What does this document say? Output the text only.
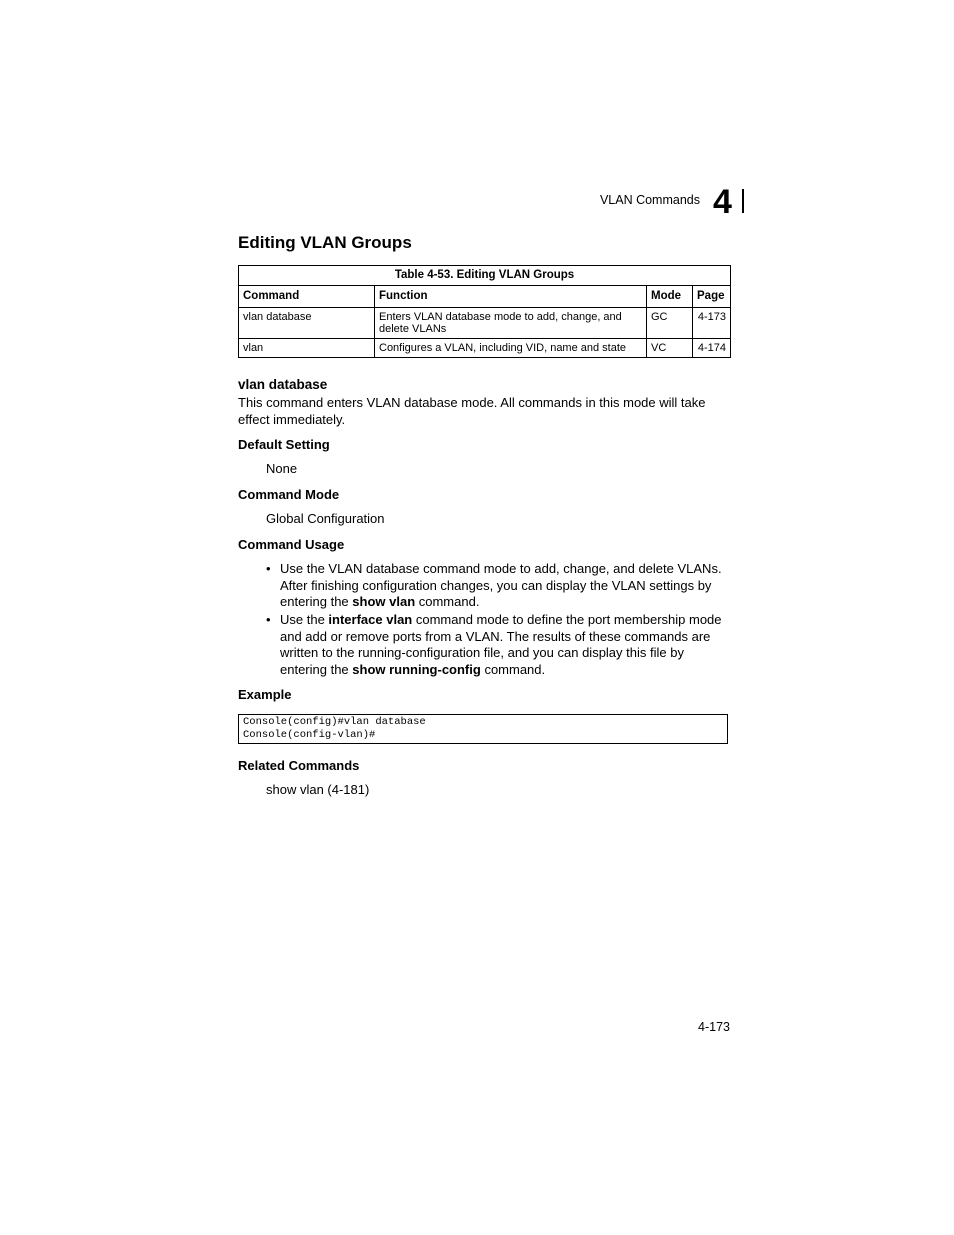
VLAN Commands 4
Editing VLAN Groups
Table 4-53. Editing VLAN Groups			
Command	Function	Mode	Page
vlan database	Enters VLAN database mode to add, change, and delete VLANs	GC	4-173
vlan	Configures a VLAN, including VID, name and state	VC	4-174
vlan database
This command enters VLAN database mode. All commands in this mode will take effect immediately.
Default Setting
None
Command Mode
Global Configuration
Command Usage
• Use the VLAN database command mode to add, change, and delete VLANs. After finishing configuration changes, you can display the VLAN settings by entering the show vlan command.
• Use the interface vlan command mode to define the port membership mode and add or remove ports from a VLAN. The results of these commands are written to the running-configuration file, and you can display this file by entering the show running-config command.
Example
Console(config)#vlan database
Console(config-vlan)#
Related Commands
show vlan (4-181)
4-173
